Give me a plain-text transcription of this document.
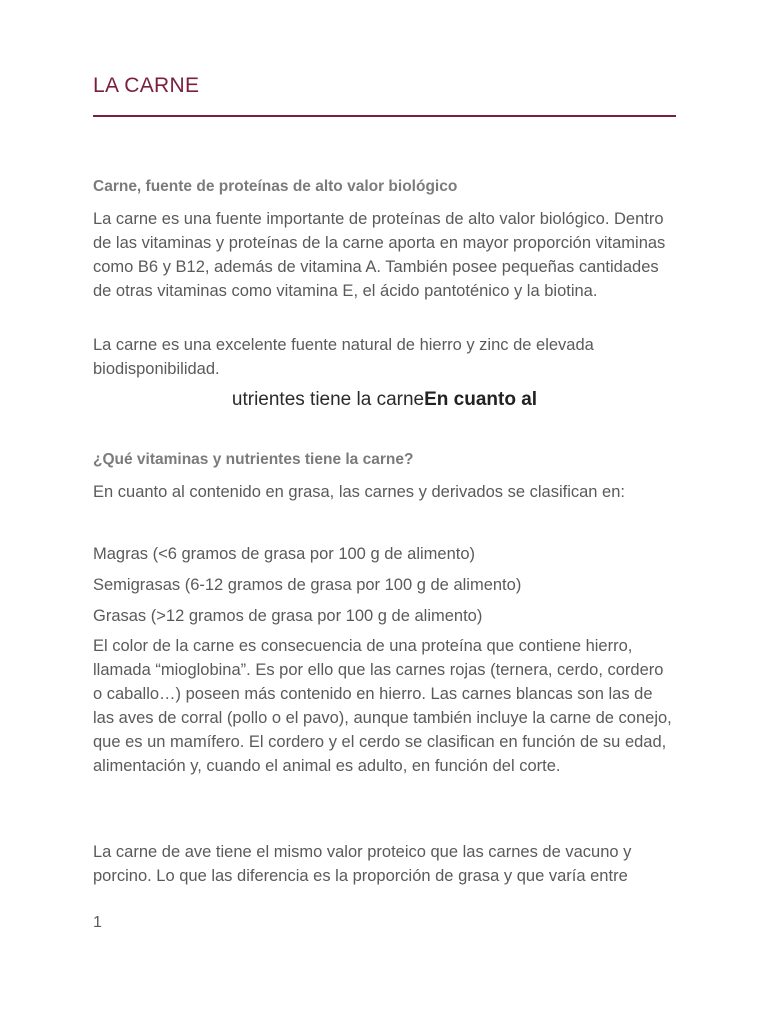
LA CARNE
Carne, fuente de proteínas de alto valor biológico
La carne es una fuente importante de proteínas de alto valor biológico. Dentro de las vitaminas y proteínas de la carne aporta en mayor proporción vitaminas como B6 y B12, además de vitamina A. También posee pequeñas cantidades de otras vitaminas como vitamina E, el ácido pantoténico y la biotina.
La carne es una excelente fuente natural de hierro y zinc de elevada biodisponibilidad.
utrientes tiene la carneEn cuanto al
¿Qué vitaminas y nutrientes tiene la carne?
En cuanto al contenido en grasa, las carnes y derivados se clasifican en:
Magras (<6 gramos de grasa por 100 g de alimento)
Semigrasas (6-12 gramos de grasa por 100 g de alimento)
Grasas (>12 gramos de grasa por 100 g de alimento)
El color de la carne es consecuencia de una proteína que contiene hierro, llamada “mioglobina”. Es por ello que las carnes rojas (ternera, cerdo, cordero o caballo…) poseen más contenido en hierro. Las carnes blancas son las de las aves de corral (pollo o el pavo), aunque también incluye la carne de conejo, que es un mamífero. El cordero y el cerdo se clasifican en función de su edad, alimentación y, cuando el animal es adulto, en función del corte.
La carne de ave tiene el mismo valor proteico que las carnes de vacuno y porcino. Lo que las diferencia es la proporción de grasa y que varía entre
1
